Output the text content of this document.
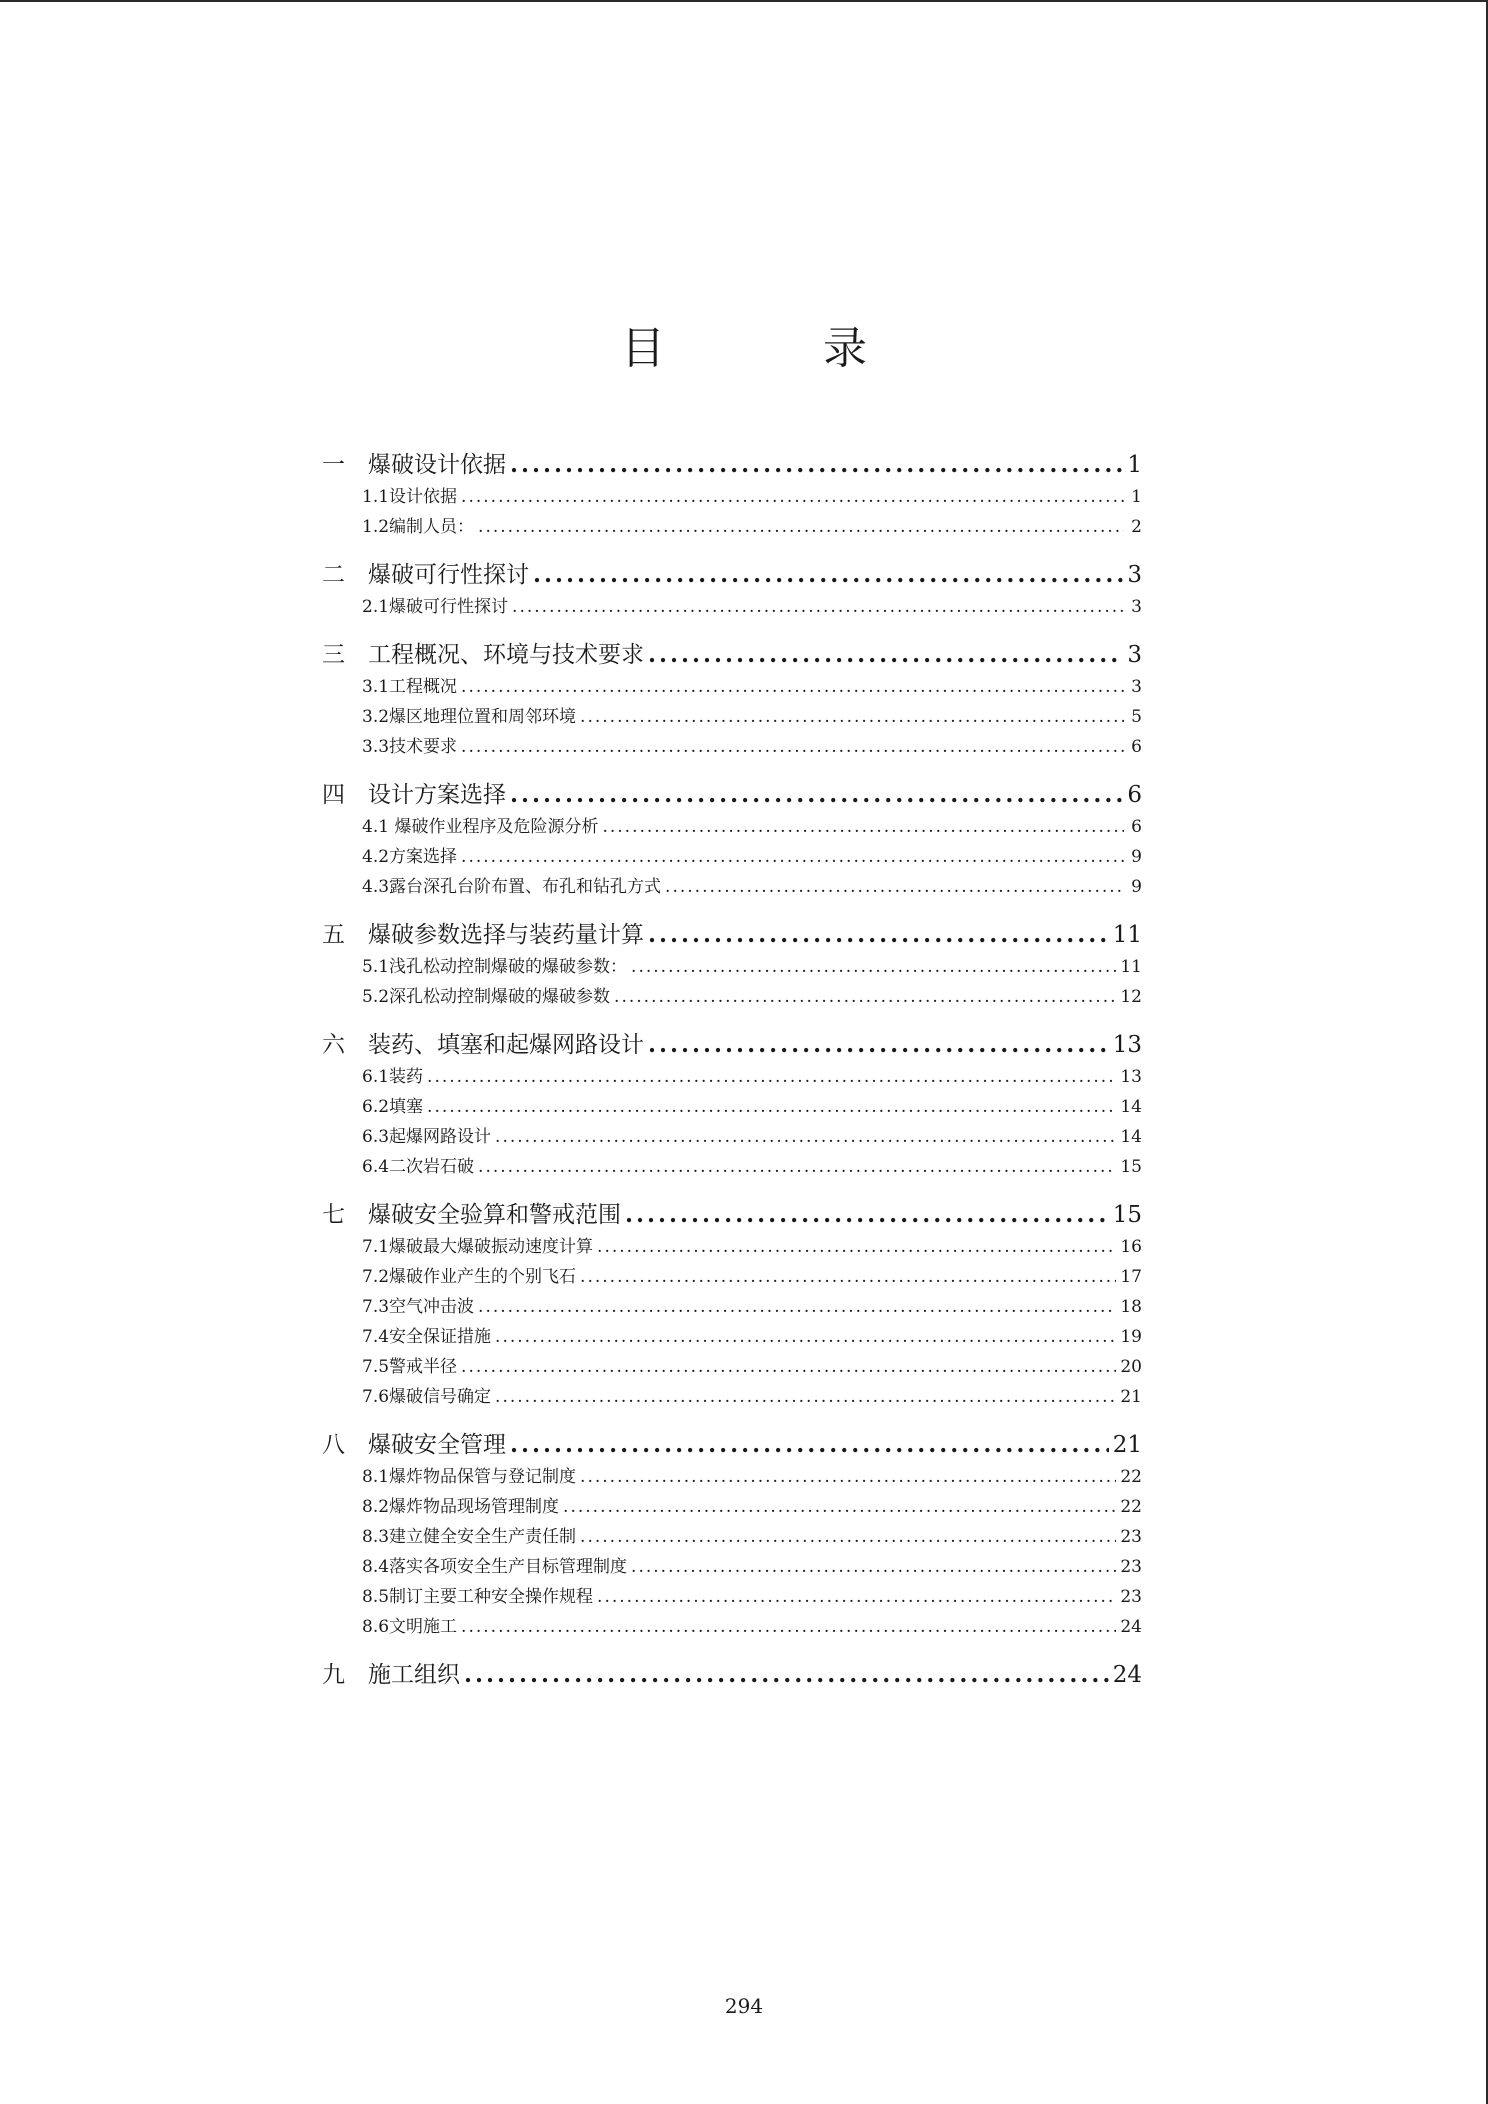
目 录
一	爆破设计依据 .....	1
1.1设计依据 .....	1
1.2编制人员： .....	2
二	爆破可行性探讨 .....	3
2.1爆破可行性探讨 .....	3
三	工程概况、环境与技术要求 .....	3
3.1工程概况 .....	3
3.2爆区地理位置和周邻环境 .....	5
3.3技术要求 .....	6
四	设计方案选择 .....	6
4.1 爆破作业程序及危险源分析 .....	6
4.2方案选择 .....	9
4.3露台深孔台阶布置、布孔和钻孔方式 .....	9
五	爆破参数选择与装药量计算 .....	11
5.1浅孔松动控制爆破的爆破参数： .....	11
5.2深孔松动控制爆破的爆破参数 .....	12
六	装药、填塞和起爆网路设计 .....	13
6.1装药 .....	13
6.2填塞 .....	14
6.3起爆网路设计 .....	14
6.4二次岩石破 .....	15
七	爆破安全验算和警戒范围 .....	15
7.1爆破最大爆破振动速度计算 .....	16
7.2爆破作业产生的个别飞石 .....	17
7.3空气冲击波 .....	18
7.4安全保证措施 .....	19
7.5警戒半径 .....	20
7.6爆破信号确定 .....	21
八	爆破安全管理 .....	21
8.1爆炸物品保管与登记制度 .....	22
8.2爆炸物品现场管理制度 .....	22
8.3建立健全安全生产责任制 .....	23
8.4落实各项安全生产目标管理制度 .....	23
8.5制订主要工种安全操作规程 .....	23
8.6文明施工 .....	24
九	施工组织 .....	24
294
